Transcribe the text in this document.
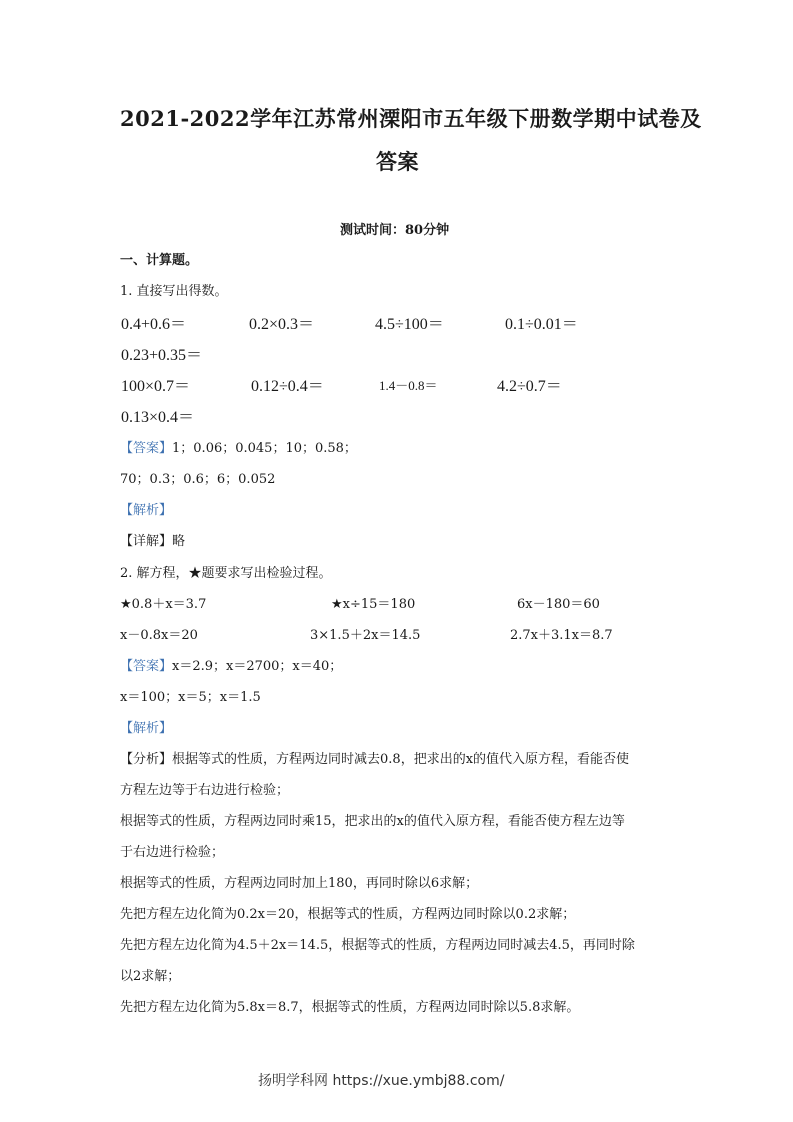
2021-2022学年江苏常州溧阳市五年级下册数学期中试卷及
答案
测试时间：80分钟
一、计算题。
1. 直接写出得数。
0.4+0.6＝	0.2×0.3＝	4.5÷100＝	0.1÷0.01＝
0.23+0.35＝
100×0.7＝	0.12÷0.4＝	1.4－0.8＝	4.2÷0.7＝
0.13×0.4＝
【答案】1；0.06；0.045；10；0.58；
70；0.3；0.6；6；0.052
【解析】
【详解】略
2. 解方程，★题要求写出检验过程。
★0.8＋x＝3.7	★x÷15＝180	6x－180＝60
x－0.8x＝20	3×1.5＋2x＝14.5	2.7x＋3.1x＝8.7
【答案】x＝2.9；x＝2700；x＝40；
x＝100；x＝5；x＝1.5
【解析】
【分析】根据等式的性质，方程两边同时减去0.8，把求出的x的值代入原方程，看能否使
方程左边等于右边进行检验；
根据等式的性质，方程两边同时乘15，把求出的x的值代入原方程，看能否使方程左边等
于右边进行检验；
根据等式的性质，方程两边同时加上180，再同时除以6求解；
先把方程左边化简为0.2x＝20，根据等式的性质，方程两边同时除以0.2求解；
先把方程左边化简为4.5＋2x＝14.5，根据等式的性质，方程两边同时减去4.5，再同时除
以2求解；
先把方程左边化简为5.8x＝8.7，根据等式的性质，方程两边同时除以5.8求解。
扬明学科网 https://xue.ymbj88.com/
